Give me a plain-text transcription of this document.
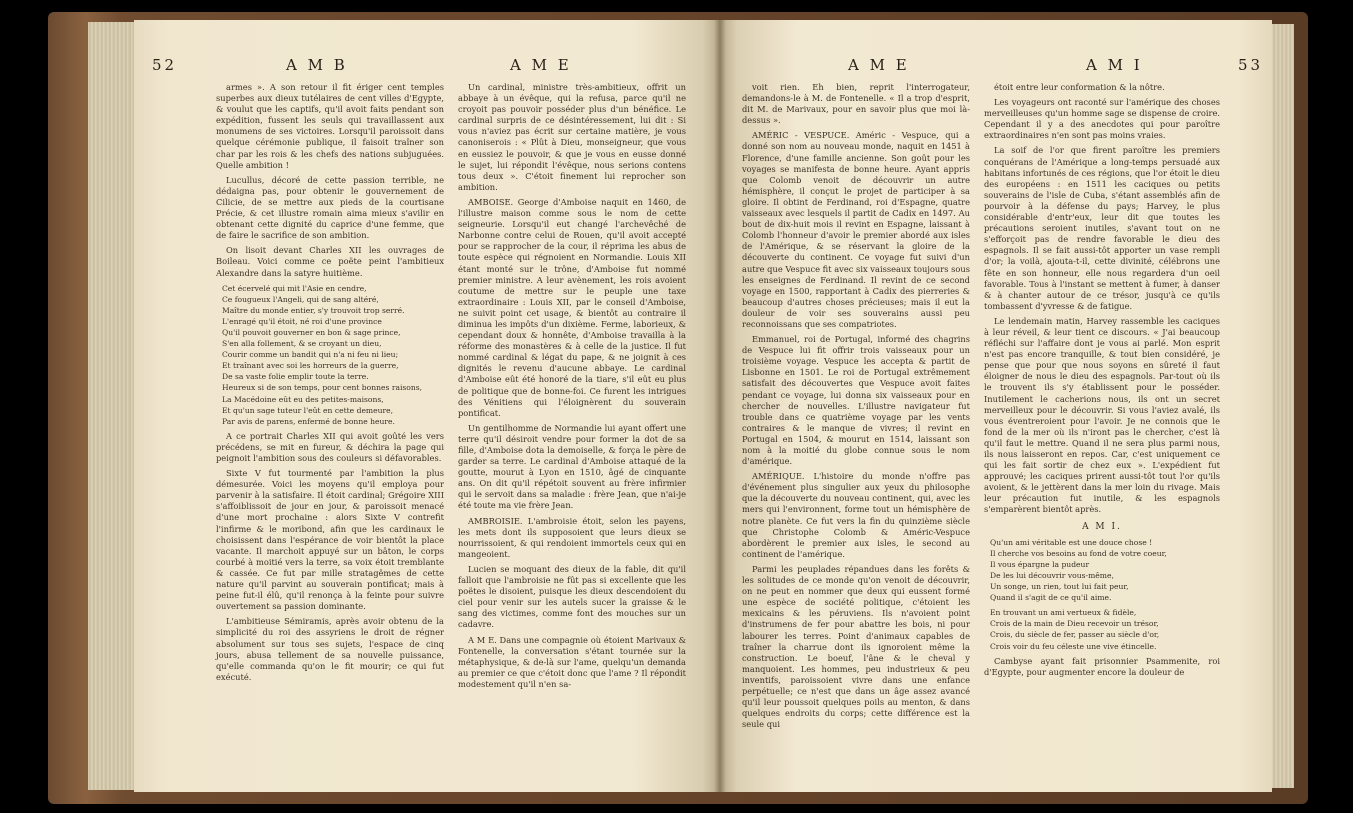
52	A M B	A M E

armes ». A son retour il fit ériger cent temples superbes aux dieux tutélaires de cent villes d'Egypte, & voulut que les captifs, qu'il avoit faits pendant son expédition, fussent les seuls qui travaillassent aux monumens de ses victoires. Lorsqu'il paroissoit dans quelque cérémonie publique, il faisoit traîner son char par les rois & les chefs des nations subjuguées. Quelle ambition !

Lucullus, décoré de cette passion terrible, ne dédaigna pas, pour obtenir le gouvernement de Cilicie, de se mettre aux pieds de la courtisane Précie, & cet illustre romain aima mieux s'avilir en obtenant cette dignité du caprice d'une femme, que de faire le sacrifice de son ambition.

On lisoit devant Charles XII les ouvrages de Boileau. Voici comme ce poëte peint l'ambitieux Alexandre dans la satyre huitième.

Cet écervelé qui mit l'Asie en cendre,
Ce fougueux l'Angeli, qui de sang altéré,
Maître du monde entier, s'y trouvoit trop serré.
L'enragé qu'il étoit, né roi d'une province
Qu'il pouvoit gouverner en bon & sage prince,
S'en alla follement, & se croyant un dieu,
Courir comme un bandit qui n'a ni feu ni lieu;
Et traînant avec soi les horreurs de la guerre,
De sa vaste folie emplir toute la terre.
Heureux si de son temps, pour cent bonnes raisons,
La Macédoine eût eu des petites-maisons,
Et qu'un sage tuteur l'eût en cette demeure,
Par avis de parens, enfermé de bonne heure.

A ce portrait Charles XII qui avoit goûté les vers précédens, se mit en fureur, & déchira la page qui peignoit l'ambition sous des couleurs si défavorables.

Sixte V fut tourmenté par l'ambition la plus démesurée. Voici les moyens qu'il employa pour parvenir à la satisfaire. Il étoit cardinal; Grégoire XIII s'affoiblissoit de jour en jour, & paroissoit menacé d'une mort prochaine : alors Sixte V contrefit l'infirme & le moribond, afin que les cardinaux le choisissent dans l'espérance de voir bientôt la place vacante. Il marchoit appuyé sur un bâton, le corps courbé à moitié vers la terre, sa voix étoit tremblante & cassée. Ce fut par mille stratagêmes de cette nature qu'il parvint au souverain pontificat; mais à peine fut-il élû, qu'il renonça à la feinte pour suivre ouvertement sa passion dominante.

L'ambitieuse Sémiramis, après avoir obtenu de la simplicité du roi des assyriens le droit de régner absolument sur tous ses sujets, l'espace de cinq jours, abusa tellement de sa nouvelle puissance, qu'elle commanda qu'on le fit mourir; ce qui fut exécuté.

Un cardinal, ministre très-ambitieux, offrit un abbaye à un évêque, qui la refusa, parce qu'il ne croyoit pas pouvoir posséder plus d'un bénéfice. Le cardinal surpris de ce désintéressement, lui dit : Si vous n'aviez pas écrit sur certaine matière, je vous canoniserois : « Plût à Dieu, monseigneur, que vous en eussiez le pouvoir, & que je vous en eusse donné le sujet, lui répondit l'évêque, nous serions contens tous deux ». C'étoit finement lui reprocher son ambition.

AMBOISE. George d'Amboise naquit en 1460, de l'illustre maison comme sous le nom de cette seigneurie. Lorsqu'il eut changé l'archevêché de Narbonne contre celui de Rouen, qu'il avoit accepté pour se rapprocher de la cour, il réprima les abus de toute espèce qui régnoient en Normandie. Louis XII étant monté sur le trône, d'Amboise fut nommé premier ministre. A leur avènement, les rois avoient coutume de mettre sur le peuple une taxe extraordinaire : Louis XII, par le conseil d'Amboise, ne suivit point cet usage, & bientôt au contraire il diminua les impôts d'un dixième. Ferme, laborieux, & cependant doux & honnête, d'Amboise travailla à la réforme des monastères & à celle de la justice. Il fut nommé cardinal & légat du pape, & ne joignit à ces dignités le revenu d'aucune abbaye. Le cardinal d'Amboise eût été honoré de la tiare, s'il eût eu plus de politique que de bonne-foi. Ce furent les intrigues des Vénitiens qui l'éloignèrent du souverain pontificat.

Un gentilhomme de Normandie lui ayant offert une terre qu'il désiroit vendre pour former la dot de sa fille, d'Amboise dota la demoiselle, & força le père de garder sa terre. Le cardinal d'Amboise attaqué de la goutte, mourut à Lyon en 1510, âgé de cinquante ans. On dit qu'il répétoit souvent au frère infirmier qui le servoit dans sa maladie : frère Jean, que n'ai-je été toute ma vie frère Jean.

AMBROISIE. L'ambroisie étoit, selon les payens, les mets dont ils supposoient que leurs dieux se nourrissoient, & qui rendoient immortels ceux qui en mangeoient.

Lucien se moquant des dieux de la fable, dit qu'il falloit que l'ambroisie ne fût pas si excellente que les poëtes le disoient, puisque les dieux descendoient du ciel pour venir sur les autels sucer la graisse & le sang des victimes, comme font des mouches sur un cadavre.

A M E. Dans une compagnie où étoient Marivaux & Fontenelle, la conversation s'étant tournée sur la métaphysique, & de-là sur l'ame, quelqu'un demanda au premier ce que c'étoit donc que l'ame ? Il répondit modestement qu'il n'en sa-

A M E	A M I	53

voit rien. Eh bien, reprit l'interrogateur, demandons-le à M. de Fontenelle. « Il a trop d'esprit, dit M. de Marivaux, pour en savoir plus que moi là-dessus ».

AMÉRIC - VESPUCE. Améric - Vespuce, qui a donné son nom au nouveau monde, naquit en 1451 à Florence, d'une famille ancienne. Son goût pour les voyages se manifesta de bonne heure. Ayant appris que Colomb venoit de découvrir un autre hémisphère, il conçut le projet de participer à sa gloire. Il obtint de Ferdinand, roi d'Espagne, quatre vaisseaux avec lesquels il partit de Cadix en 1497. Au bout de dix-huit mois il revint en Espagne, laissant à Colomb l'honneur d'avoir le premier abordé aux isles de l'Amérique, & se réservant la gloire de la découverte du continent. Ce voyage fut suivi d'un autre que Vespuce fit avec six vaisseaux toujours sous les enseignes de Ferdinand. Il revint de ce second voyage en 1500, rapportant à Cadix des pierreries & beaucoup d'autres choses précieuses; mais il eut la douleur de voir ses souverains aussi peu reconnoissans que ses compatriotes.

Emmanuel, roi de Portugal, informé des chagrins de Vespuce lui fit offrir trois vaisseaux pour un troisième voyage. Vespuce les accepta & partit de Lisbonne en 1501. Le roi de Portugal extrêmement satisfait des découvertes que Vespuce avoit faites pendant ce voyage, lui donna six vaisseaux pour en chercher de nouvelles. L'illustre navigateur fut trouble dans ce quatrième voyage par les vents contraires & le manque de vivres; il revint en Portugal en 1504, & mourut en 1514, laissant son nom à la moitié du globe connue sous le nom d'amérique.

AMÉRIQUE. L'histoire du monde n'offre pas d'événement plus singulier aux yeux du philosophe que la découverte du nouveau continent, qui, avec les mers qui l'environnent, forme tout un hémisphère de notre planète. Ce fut vers la fin du quinzième siècle que Christophe Colomb & Améric-Vespuce abordèrent le premier aux isles, le second au continent de l'amérique.

Parmi les peuplades répandues dans les forêts & les solitudes de ce monde qu'on venoit de découvrir, on ne peut en nommer que deux qui eussent formé une espèce de société politique, c'étoient les mexicains & les péruviens. Ils n'avoient point d'instrumens de fer pour abattre les bois, ni pour labourer les terres. Point d'animaux capables de traîner la charrue dont ils ignoroient même la construction. Le boeuf, l'âne & le cheval y manquoient. Les hommes, peu industrieux & peu inventifs, paroissoient vivre dans une enfance perpétuelle; ce n'est que dans un âge assez avancé qu'il leur poussoit quelques poils au menton, & dans quelques endroits du corps; cette différence est la seule qui

étoit entre leur conformation & la nôtre.

Les voyageurs ont raconté sur l'amérique des choses merveilleuses qu'un homme sage se dispense de croire. Cependant il y a des anecdotes qui pour paroître extraordinaires n'en sont pas moins vraies.

La soif de l'or que firent paroître les premiers conquérans de l'Amérique a long-temps persuadé aux habitans infortunés de ces régions, que l'or étoit le dieu des européens : en 1511 les caciques ou petits souverains de l'isle de Cuba, s'étant assemblés afin de pourvoir à la défense du pays; Harvey, le plus considérable d'entr'eux, leur dit que toutes les précautions seroient inutiles, s'avant tout on ne s'efforçoit pas de rendre favorable le dieu des espagnols. Il se fait aussi-tôt apporter un vase rempli d'or; la voilà, ajouta-t-il, cette divinité, célébrons une fête en son honneur, elle nous regardera d'un oeil favorable. Tous à l'instant se mettent à fumer, à danser & à chanter autour de ce trésor, jusqu'à ce qu'ils tombassent d'yvresse & de fatigue.

Le lendemain matin, Harvey rassemble les caciques à leur réveil, & leur tient ce discours. « J'ai beaucoup réfléchi sur l'affaire dont je vous ai parlé. Mon esprit n'est pas encore tranquille, & tout bien considéré, je pense que pour que nous soyons en sûreté il faut éloigner de nous le dieu des espagnols. Par-tout où ils le trouvent ils s'y établissent pour le posséder. Inutilement le cacherions nous, ils ont un secret merveilleux pour le découvrir. Si vous l'aviez avalé, ils vous éventreroient pour l'avoir. Je ne connois que le fond de la mer où ils n'iront pas le chercher, c'est là qu'il faut le mettre. Quand il ne sera plus parmi nous, ils nous laisseront en repos. Car, c'est uniquement ce qui les fait sortir de chez eux ». L'expédient fut approuvé; les caciques prirent aussi-tôt tout l'or qu'ils avoient, & le jettèrent dans la mer loin du rivage. Mais leur précaution fut inutile, & les espagnols s'emparèrent bientôt après.

A M I.

Qu'un ami véritable est une douce chose !
Il cherche vos besoins au fond de votre coeur,
Il vous épargne la pudeur
De les lui découvrir vous-même,
Un songe, un rien, tout lui fait peur,
Quand il s'agit de ce qu'il aime.

En trouvant un ami vertueux & fidèle,
Crois de la main de Dieu recevoir un trésor,
Crois, du siècle de fer, passer au siècle d'or,
Crois voir du feu céleste une vive étincelle.

Cambyse ayant fait prisonnier Psammenite, roi d'Egypte, pour augmenter encore la douleur de
